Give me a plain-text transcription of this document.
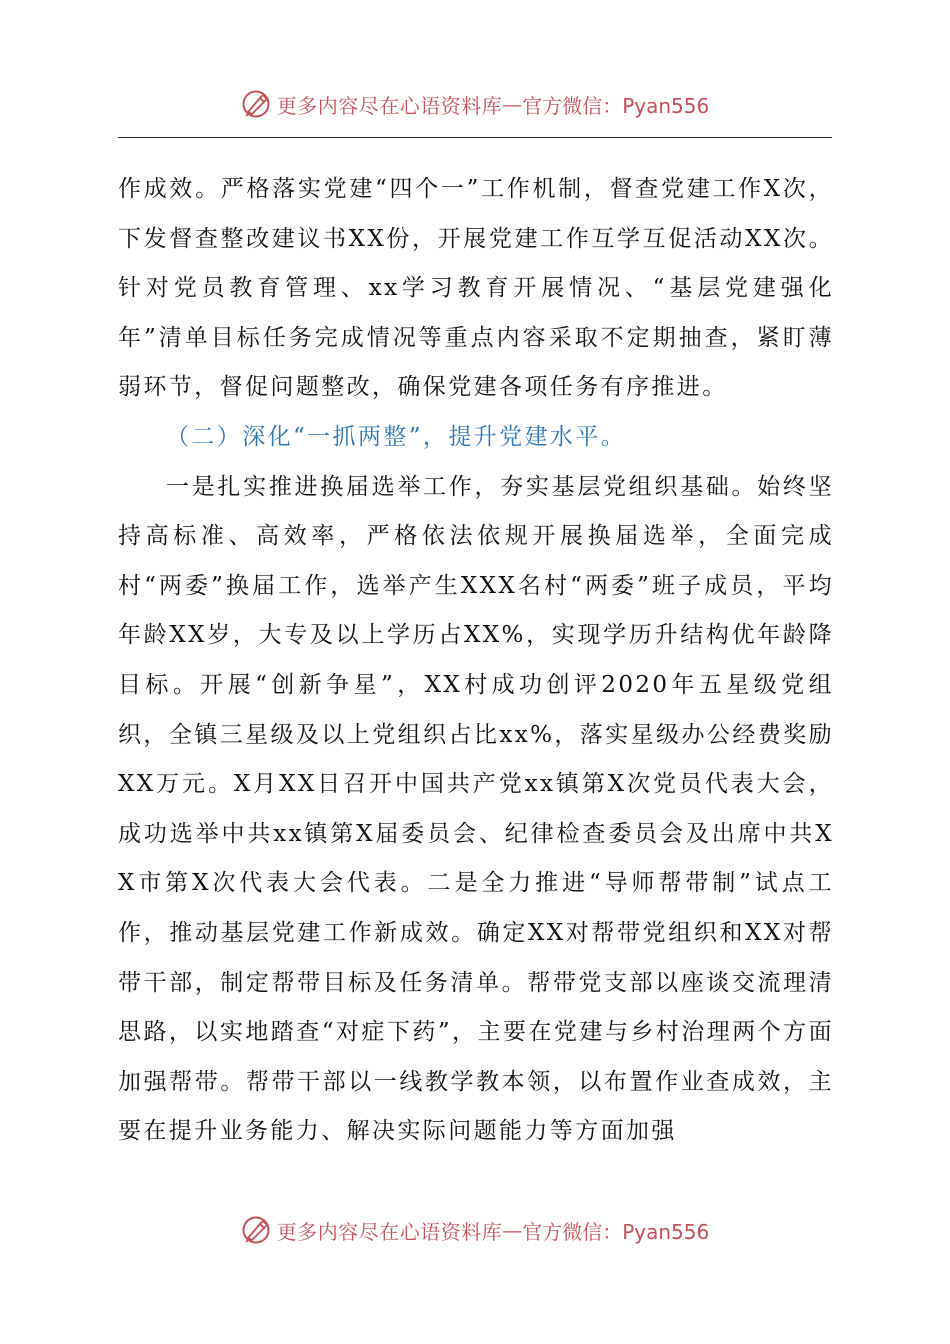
更多内容尽在心语资料库 — 官方微信：Pyan556

作成效。严格落实党建“四个一”工作机制，督查党建工作X次，下发督查整改建议书XX份，开展党建工作互学互促活动XX次。针对党员教育管理、xx学习教育开展情况、“基层党建强化年”清单目标任务完成情况等重点内容采取不定期抽查，紧盯薄弱环节，督促问题整改，确保党建各项任务有序推进。

（二）深化“一抓两整”，提升党建水平。

一是扎实推进换届选举工作，夯实基层党组织基础。始终坚持高标准、高效率，严格依法依规开展换届选举，全面完成村“两委”换届工作，选举产生XXX名村“两委”班子成员，平均年龄XX岁，大专及以上学历占XX%，实现学历升结构优年龄降目标。开展“创新争星”，XX村成功创评2020年五星级党组织，全镇三星级及以上党组织占比xx%，落实星级办公经费奖励XX万元。X月XX日召开中国共产党xx镇第X次党员代表大会，成功选举中共xx镇第X届委员会、纪律检查委员会及出席中共XX市第X次代表大会代表。二是全力推进“导师帮带制”试点工作，推动基层党建工作新成效。确定XX对帮带党组织和XX对帮带干部，制定帮带目标及任务清单。帮带党支部以座谈交流理清思路，以实地踏查“对症下药”，主要在党建与乡村治理两个方面加强帮带。帮带干部以一线教学教本领，以布置作业查成效，主要在提升业务能力、解决实际问题能力等方面加强

更多内容尽在心语资料库 — 官方微信：Pyan556
